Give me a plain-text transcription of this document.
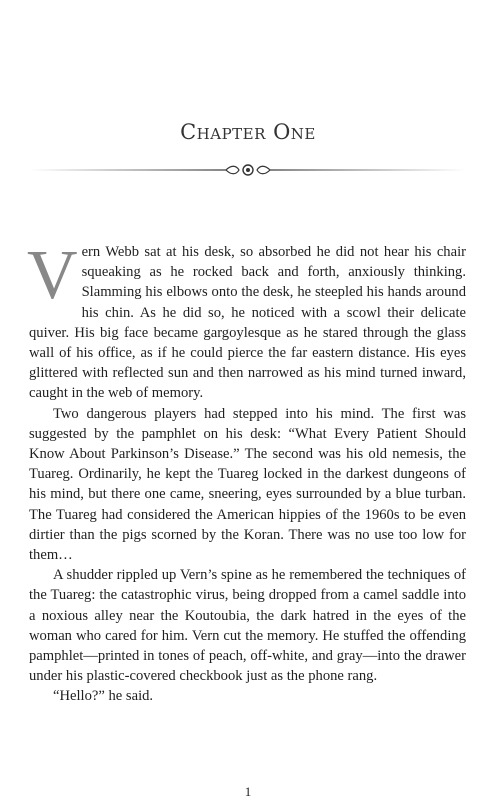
Chapter One

Vern Webb sat at his desk, so absorbed he did not hear his chair squeaking as he rocked back and forth, anxiously thinking. Slamming his elbows onto the desk, he steepled his hands around his chin. As he did so, he noticed with a scowl their delicate quiver. His big face became gargoylesque as he stared through the glass wall of his office, as if he could pierce the far eastern distance. His eyes glittered with reflected sun and then narrowed as his mind turned inward, caught in the web of memory.

Two dangerous players had stepped into his mind. The first was suggested by the pamphlet on his desk: “What Every Patient Should Know About Parkinson’s Disease.” The second was his old nemesis, the Tuareg. Ordinarily, he kept the Tuareg locked in the darkest dungeons of his mind, but there one came, sneering, eyes surrounded by a blue turban. The Tuareg had considered the American hippies of the 1960s to be even dirtier than the pigs scorned by the Koran. There was no use too low for them…

A shudder rippled up Vern’s spine as he remembered the techniques of the Tuareg: the catastrophic virus, being dropped from a camel saddle into a noxious alley near the Koutoubia, the dark hatred in the eyes of the woman who cared for him. Vern cut the memory. He stuffed the offending pamphlet—printed in tones of peach, off-white, and gray—into the drawer under his plastic-covered checkbook just as the phone rang.

“Hello?” he said.

1
